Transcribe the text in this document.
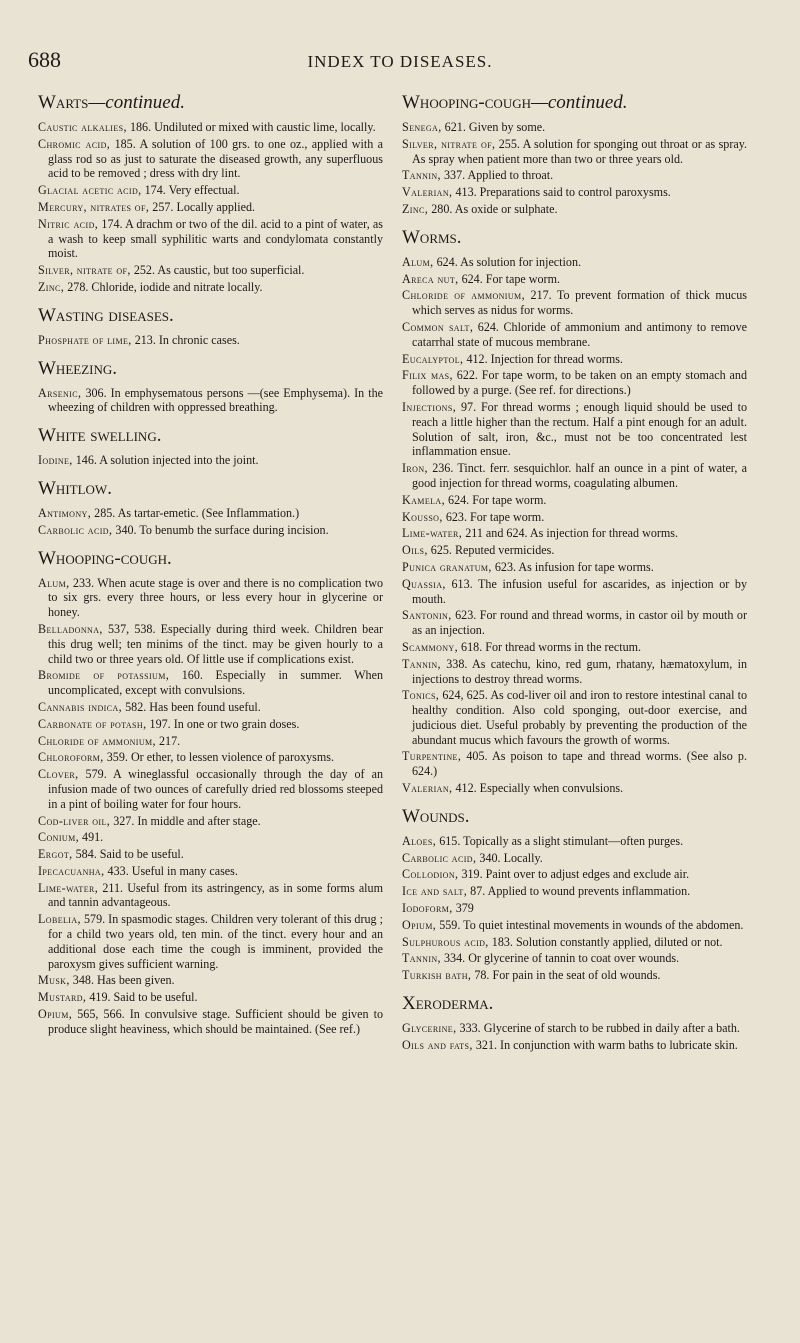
688	INDEX TO DISEASES.
Warts—continued.
Caustic alkalies, 186. Undiluted or mixed with caustic lime, locally.
Chromic acid, 185. A solution of 100 grs. to one oz., applied with a glass rod so as just to saturate the diseased growth, any superfluous acid to be removed ; dress with dry lint.
Glacial acetic acid, 174. Very effectual.
Mercury, nitrates of, 257. Locally applied.
Nitric acid, 174. A drachm or two of the dil. acid to a pint of water, as a wash to keep small syphilitic warts and condylomata constantly moist.
Silver, nitrate of, 252. As caustic, but too superficial.
Zinc, 278. Chloride, iodide and nitrate locally.
Wasting diseases.
Phosphate of lime, 213. In chronic cases.
Wheezing.
Arsenic, 306. In emphysematous persons —(see Emphysema). In the wheezing of children with oppressed breathing.
White swelling.
Iodine, 146. A solution injected into the joint.
Whitlow.
Antimony, 285. As tartar-emetic. (See Inflammation.)
Carbolic acid, 340. To benumb the surface during incision.
Whooping-cough.
Alum, 233. When acute stage is over and there is no complication two to six grs. every three hours, or less every hour in glycerine or honey.
Belladonna, 537, 538. Especially during third week. Children bear this drug well; ten minims of the tinct. may be given hourly to a child two or three years old. Of little use if complications exist.
Bromide of potassium, 160. Especially in summer. When uncomplicated, except with convulsions.
Cannabis indica, 582. Has been found useful.
Carbonate of potash, 197. In one or two grain doses.
Chloride of ammonium, 217.
Chloroform, 359. Or ether, to lessen violence of paroxysms.
Clover, 579. A wineglassful occasionally through the day of an infusion made of two ounces of carefully dried red blossoms steeped in a pint of boiling water for four hours.
Cod-liver oil, 327. In middle and after stage.
Conium, 491.
Ergot, 584. Said to be useful.
Ipecacuanha, 433. Useful in many cases.
Lime-water, 211. Useful from its astringency, as in some forms alum and tannin advantageous.
Lobelia, 579. In spasmodic stages. Children very tolerant of this drug ; for a child two years old, ten min. of the tinct. every hour and an additional dose each time the cough is imminent, provided the paroxysm gives sufficient warning.
Musk, 348. Has been given.
Mustard, 419. Said to be useful.
Opium, 565, 566. In convulsive stage. Sufficient should be given to produce slight heaviness, which should be maintained. (See ref.)
Whooping-cough—continued.
Senega, 621. Given by some.
Silver, nitrate of, 255. A solution for sponging out throat or as spray. As spray when patient more than two or three years old.
Tannin, 337. Applied to throat.
Valerian, 413. Preparations said to control paroxysms.
Zinc, 280. As oxide or sulphate.
Worms.
Alum, 624. As solution for injection.
Areca nut, 624. For tape worm.
Chloride of ammonium, 217. To prevent formation of thick mucus which serves as nidus for worms.
Common salt, 624. Chloride of ammonium and antimony to remove catarrhal state of mucous membrane.
Eucalyptol, 412. Injection for thread worms.
Filix mas, 622. For tape worm, to be taken on an empty stomach and followed by a purge. (See ref. for directions.)
Injections, 97. For thread worms ; enough liquid should be used to reach a little higher than the rectum. Half a pint enough for an adult. Solution of salt, iron, &c., must not be too concentrated lest inflammation ensue.
Iron, 236. Tinct. ferr. sesquichlor. half an ounce in a pint of water, a good injection for thread worms, coagulating albumen.
Kamela, 624. For tape worm.
Kousso, 623. For tape worm.
Lime-water, 211 and 624. As injection for thread worms.
Oils, 625. Reputed vermicides.
Punica granatum, 623. As infusion for tape worms.
Quassia, 613. The infusion useful for ascarides, as injection or by mouth.
Santonin, 623. For round and thread worms, in castor oil by mouth or as an injection.
Scammony, 618. For thread worms in the rectum.
Tannin, 338. As catechu, kino, red gum, rhatany, hæmatoxylum, in injections to destroy thread worms.
Tonics, 624, 625. As cod-liver oil and iron to restore intestinal canal to healthy condition. Also cold sponging, out-door exercise, and judicious diet. Useful probably by preventing the production of the abundant mucus which favours the growth of worms.
Turpentine, 405. As poison to tape and thread worms. (See also p. 624.)
Valerian, 412. Especially when convulsions.
Wounds.
Aloes, 615. Topically as a slight stimulant—often purges.
Carbolic acid, 340. Locally.
Collodion, 319. Paint over to adjust edges and exclude air.
Ice and salt, 87. Applied to wound prevents inflammation.
Iodoform, 379
Opium, 559. To quiet intestinal movements in wounds of the abdomen.
Sulphurous acid, 183. Solution constantly applied, diluted or not.
Tannin, 334. Or glycerine of tannin to coat over wounds.
Turkish bath, 78. For pain in the seat of old wounds.
Xeroderma.
Glycerine, 333. Glycerine of starch to be rubbed in daily after a bath.
Oils and fats, 321. In conjunction with warm baths to lubricate skin.
